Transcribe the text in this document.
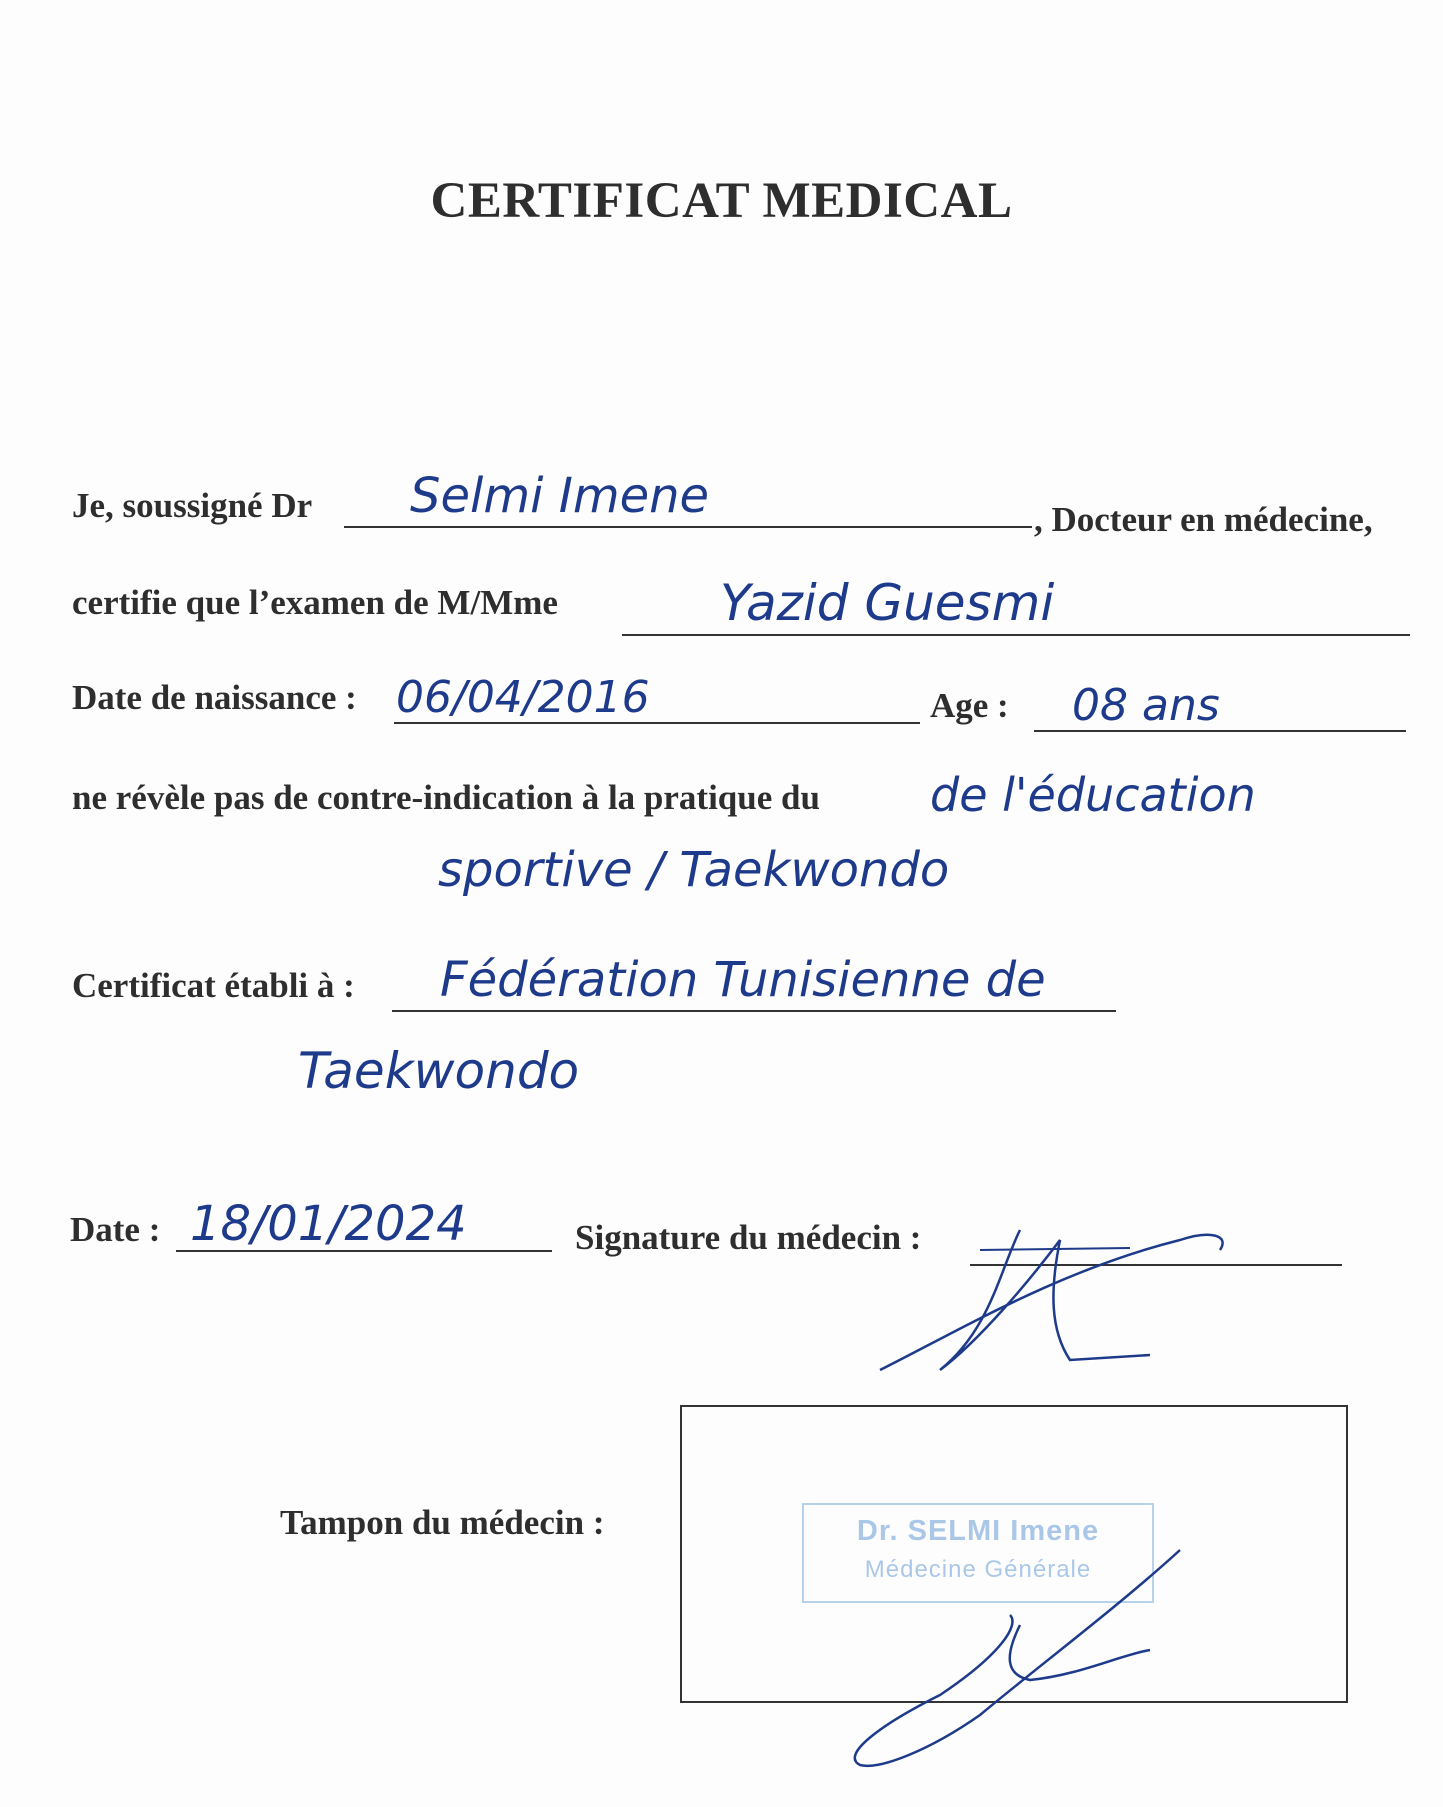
CERTIFICAT MEDICAL
Je, soussigné Dr Selmi Imene	, Docteur en médecine,
certifie que l’examen de M/Mme	Yazid Guesmi
Date de naissance : 06/04/2016	Age : 08 ans
ne révèle pas de contre-indication à la pratique du de l'éducation
sportive / Taekwondo
Certificat établi à : Fédération Tunisienne de
Taekwondo
Date : 18/01/2024	Signature du médecin :
Tampon du médecin :	Dr. SELMI Imene
Médecine Générale
